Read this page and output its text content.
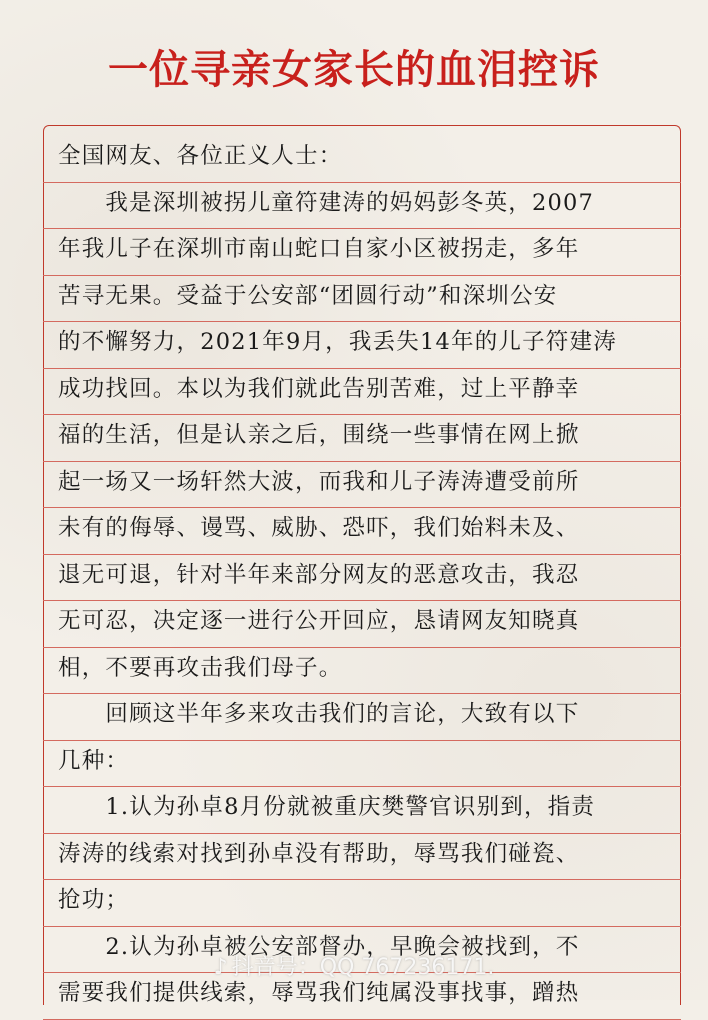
一位寻亲女家长的血泪控诉
全国网友、各位正义人士：
　　我是深圳被拐儿童符建涛的妈妈彭冬英，2007
年我儿子在深圳市南山蛇口自家小区被拐走，多年
苦寻无果。受益于公安部“团圆行动”和深圳公安
的不懈努力，2021年9月，我丢失14年的儿子符建涛
成功找回。本以为我们就此告别苦难，过上平静幸
福的生活，但是认亲之后，围绕一些事情在网上掀
起一场又一场轩然大波，而我和儿子涛涛遭受前所
未有的侮辱、谩骂、威胁、恐吓，我们始料未及、
退无可退，针对半年来部分网友的恶意攻击，我忍
无可忍，决定逐一进行公开回应，恳请网友知晓真
相，不要再攻击我们母子。
　　回顾这半年多来攻击我们的言论，大致有以下
几种：
　　1.认为孙卓8月份就被重庆樊警官识别到，指责
涛涛的线索对找到孙卓没有帮助，辱骂我们碰瓷、
抢功；
　　2.认为孙卓被公安部督办，早晚会被找到，不
需要我们提供线索，辱骂我们纯属没事找事，蹭热
♪ 抖音号：QQ 767236171.
